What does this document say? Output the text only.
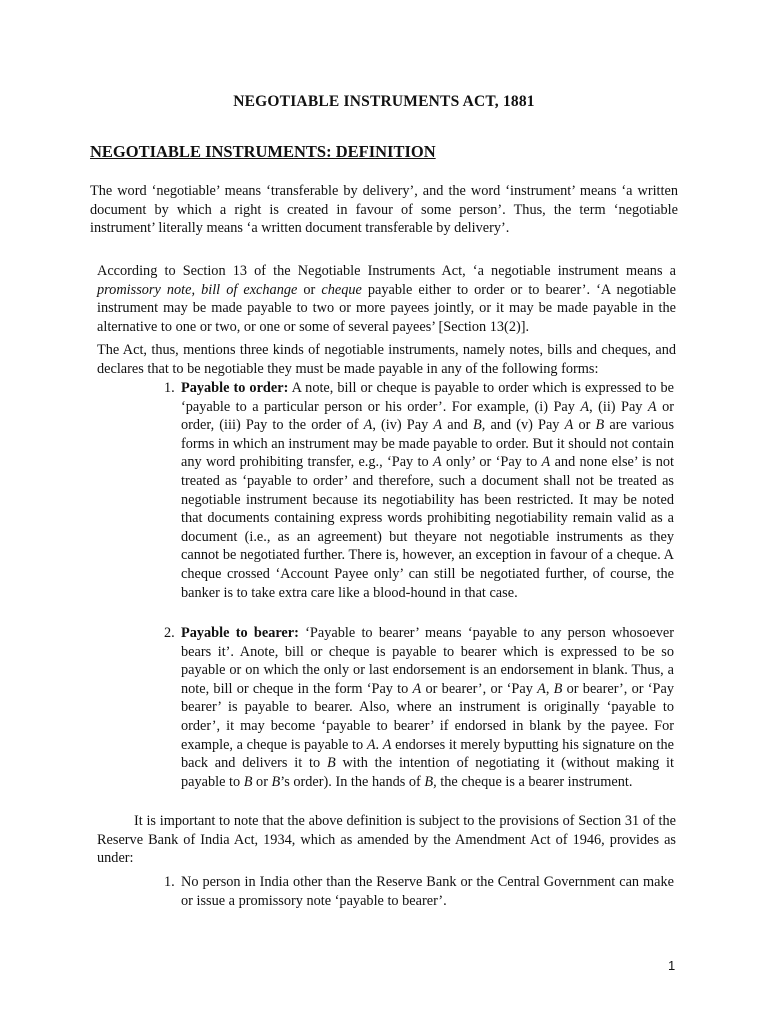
NEGOTIABLE INSTRUMENTS ACT, 1881
NEGOTIABLE INSTRUMENTS: DEFINITION
The word ‘negotiable’ means ‘transferable by delivery’, and the word ‘instrument’ means ‘a written document by which a right is created in favour of some person’. Thus, the term ‘negotiable instrument’ literally means ‘a written document transferable by delivery’.
According to Section 13 of the Negotiable Instruments Act, ‘a negotiable instrument means a promissory note, bill of exchange or cheque payable either to order or to bearer’. ‘A negotiable instrument may be made payable to two or more payees jointly, or it may be made payable in the alternative to one or two, or one or some of several payees’ [Section 13(2)].
The Act, thus, mentions three kinds of negotiable instruments, namely notes, bills and cheques, and declares that to be negotiable they must be made payable in any of the following forms:
1. Payable to order: A note, bill or cheque is payable to order which is expressed to be ‘payable to a particular person or his order’. For example, (i) Pay A, (ii) Pay A or order, (iii) Pay to the order of A, (iv) Pay A and B, and (v) Pay A or B are various forms in which an instrument may be made payable to order. But it should not contain any word prohibiting transfer, e.g., ‘Pay to A only’ or ‘Pay to A and none else’ is not treated as ‘payable to order’ and therefore, such a document shall not be treated as negotiable instrument because its negotiability has been restricted. It may be noted that documents containing express words prohibiting negotiability remain valid as a document (i.e., as an agreement) but theyare not negotiable instruments as they cannot be negotiated further. There is, however, an exception in favour of a cheque. A cheque crossed ‘Account Payee only’ can still be negotiated further, of course, the banker is to take extra care like a blood-hound in that case.
2. Payable to bearer: ‘Payable to bearer’ means ‘payable to any person whosoever bears it’. Anote, bill or cheque is payable to bearer which is expressed to be so payable or on which the only or last endorsement is an endorsement in blank. Thus, a note, bill or cheque in the form ‘Pay to A or bearer’, or ‘Pay A, B or bearer’, or ‘Pay bearer’ is payable to bearer. Also, where an instrument is originally ‘payable to order’, it may become ‘payable to bearer’ if endorsed in blank by the payee. For example, a cheque is payable to A. A endorses it merely byputting his signature on the back and delivers it to B with the intention of negotiating it (without making it payable to B or B’s order). In the hands of B, the cheque is a bearer instrument.
It is important to note that the above definition is subject to the provisions of Section 31 of the Reserve Bank of India Act, 1934, which as amended by the Amendment Act of 1946, provides as under:
1. No person in India other than the Reserve Bank or the Central Government can make or issue a promissory note ‘payable to bearer’.
1
